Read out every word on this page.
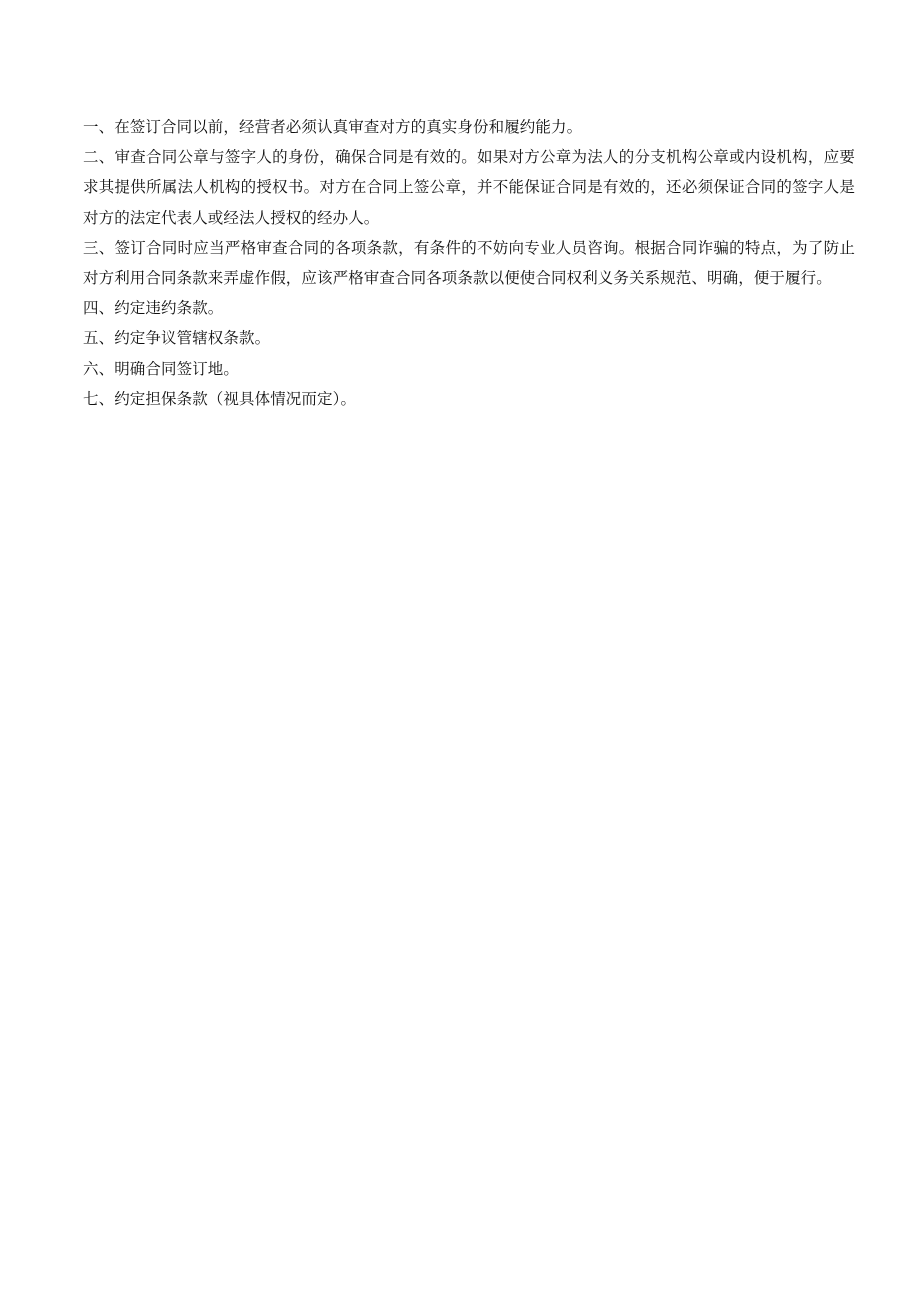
一、在签订合同以前，经营者必须认真审查对方的真实身份和履约能力。

二、审查合同公章与签字人的身份，确保合同是有效的。如果对方公章为法人的分支机构公章或内设机构，应要求其提供所属法人机构的授权书。对方在合同上签公章，并不能保证合同是有效的，还必须保证合同的签字人是对方的法定代表人或经法人授权的经办人。

三、签订合同时应当严格审查合同的各项条款，有条件的不妨向专业人员咨询。根据合同诈骗的特点，为了防止对方利用合同条款来弄虚作假，应该严格审查合同各项条款以便使合同权利义务关系规范、明确，便于履行。

四、约定违约条款。

五、约定争议管辖权条款。

六、明确合同签订地。

七、约定担保条款（视具体情况而定）。
